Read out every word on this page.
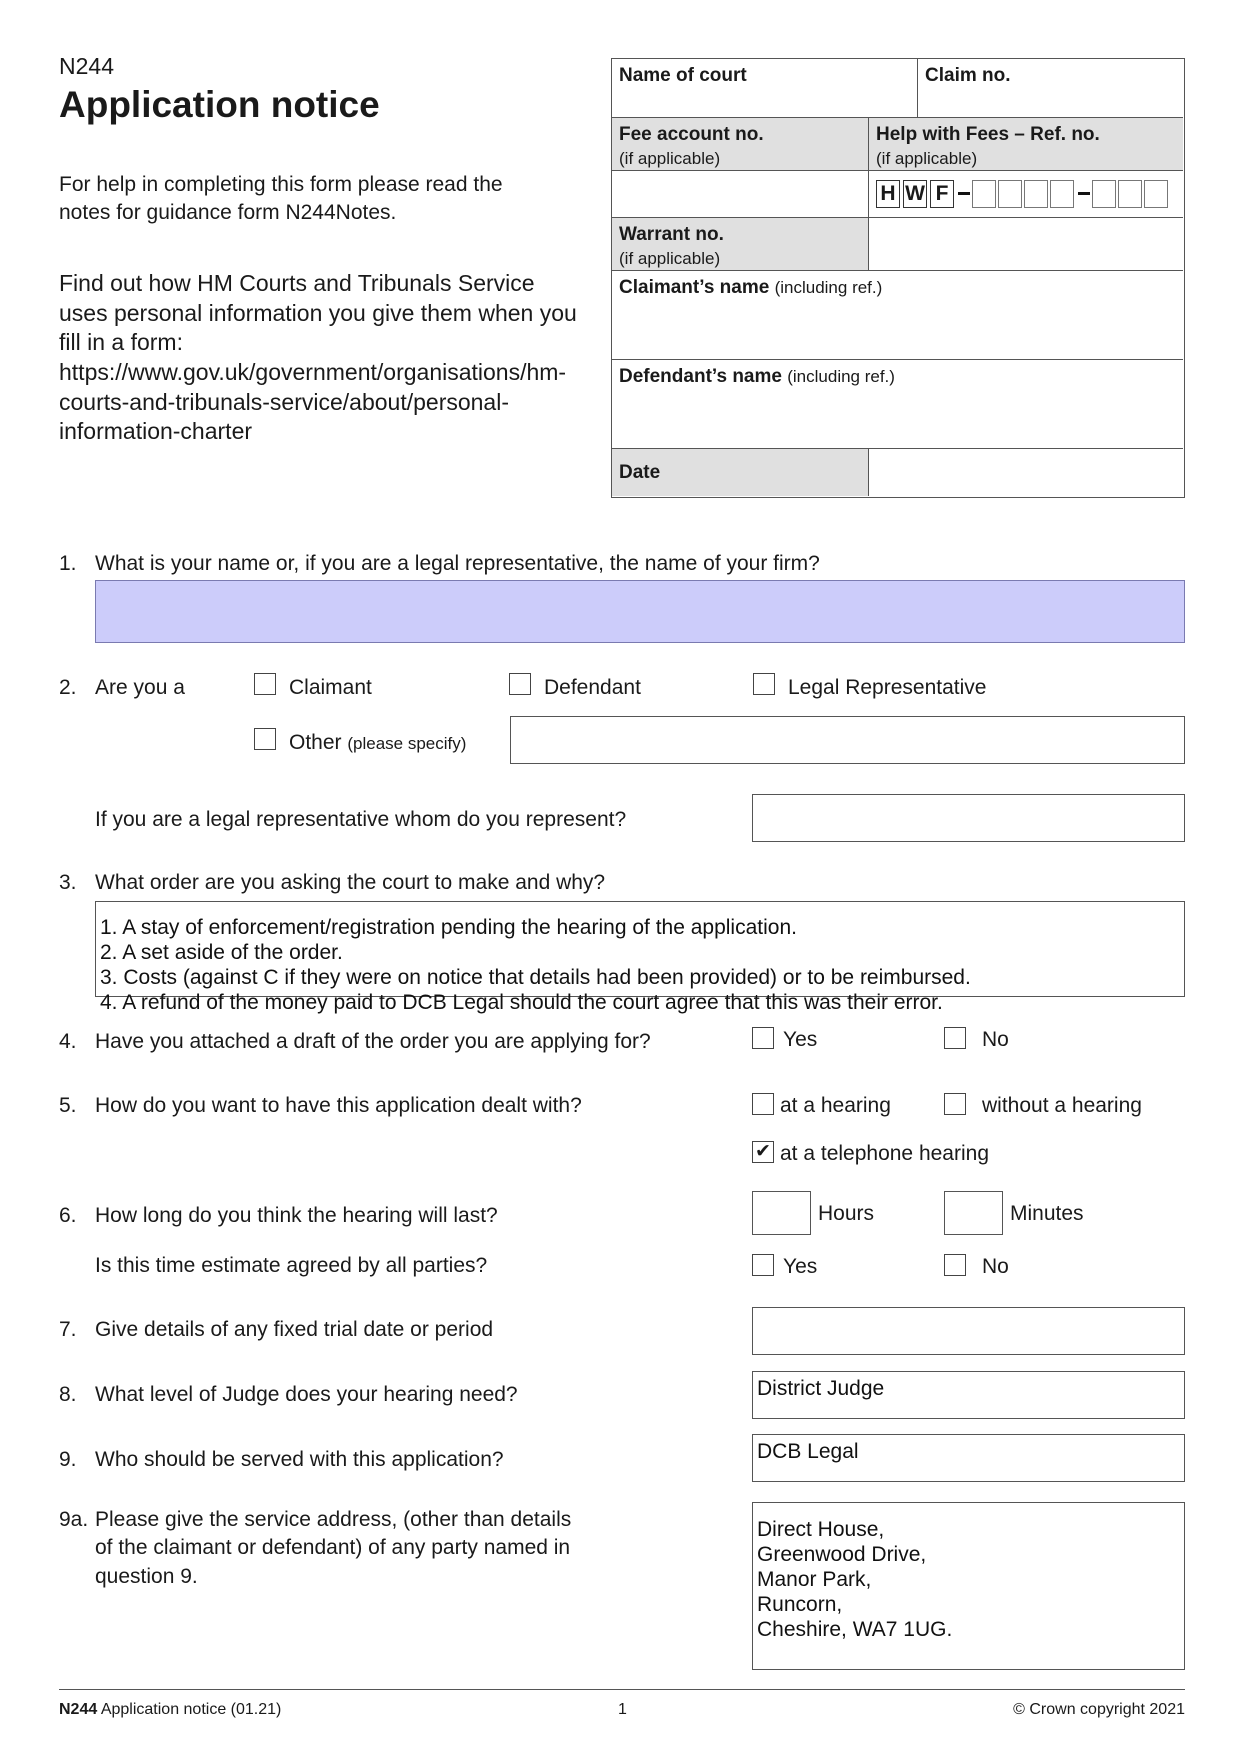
N244
Application notice
For help in completing this form please read the notes for guidance form N244Notes.
Find out how HM Courts and Tribunals Service uses personal information you give them when you fill in a form: https://www.gov.uk/government/organisations/hm-courts-and-tribunals-service/about/personal-information-charter
Name of court	Claim no.
Fee account no.
(if applicable)
Help with Fees – Ref. no.
(if applicable)
H W F
Warrant no.
(if applicable)
Claimant’s name (including ref.)
Defendant’s name (including ref.)
Date
1. What is your name or, if you are a legal representative, the name of your firm?
2. Are you a	Claimant	Defendant	Legal Representative
Other (please specify)
If you are a legal representative whom do you represent?
3. What order are you asking the court to make and why?
1. A stay of enforcement/registration pending the hearing of the application.
2. A set aside of the order.
3. Costs (against C if they were on notice that details had been provided) or to be reimbursed.
4. A refund of the money paid to DCB Legal should the court agree that this was their error.
4. Have you attached a draft of the order you are applying for?	Yes	No
5. How do you want to have this application dealt with?	at a hearing	without a hearing
✔ at a telephone hearing
6. How long do you think the hearing will last?	Hours	Minutes
Is this time estimate agreed by all parties?	Yes	No
7. Give details of any fixed trial date or period
8. What level of Judge does your hearing need?	District Judge
9. Who should be served with this application?	DCB Legal
9a. Please give the service address, (other than details
of the claimant or defendant) of any party named in
question 9.
Direct House,
Greenwood Drive,
Manor Park,
Runcorn,
Cheshire, WA7 1UG.
N244 Application notice (01.21)	1	© Crown copyright 2021
